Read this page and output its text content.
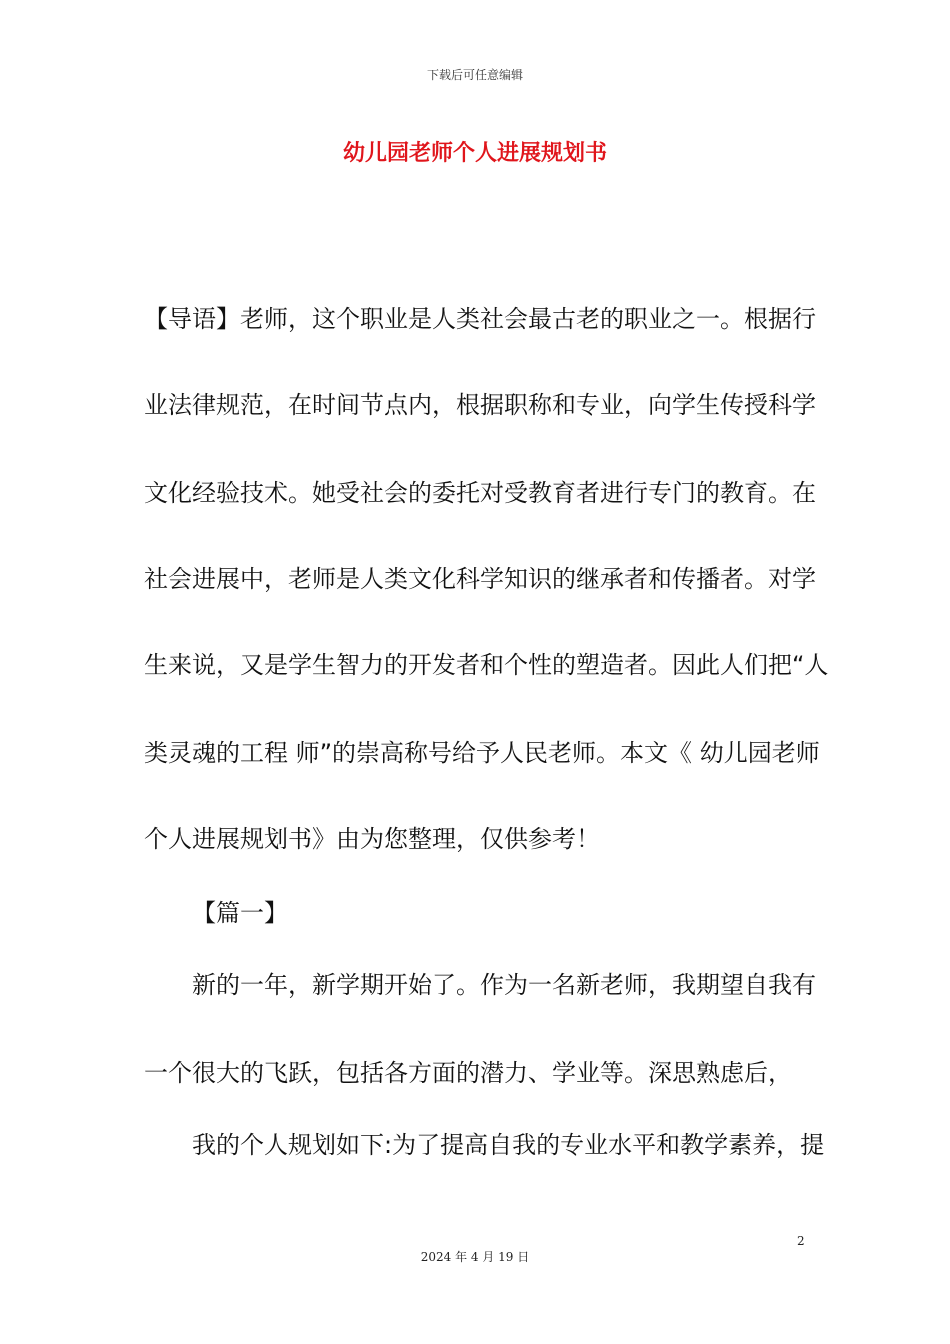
下载后可任意编辑
幼儿园老师个人进展规划书
【导语】老师，这个职业是人类社会最古老的职业之一。根据行
业法律规范，在时间节点内，根据职称和专业，向学生传授科学
文化经验技术。她受社会的委托对受教育者进行专门的教育。在
社会进展中，老师是人类文化科学知识的继承者和传播者。对学
生来说，又是学生智力的开发者和个性的塑造者。因此人们把“人
类灵魂的工程 师”的崇高称号给予人民老师。本文《 幼儿园老师
个人进展规划书》由为您整理，仅供参考！
【篇一】
新的一年，新学期开始了。作为一名新老师，我期望自我有
一个很大的飞跃，包括各方面的潜力、学业等。深思熟虑后，
我的个人规划如下:为了提高自我的专业水平和教学素养，提
2
2024 年 4 月 19 日
